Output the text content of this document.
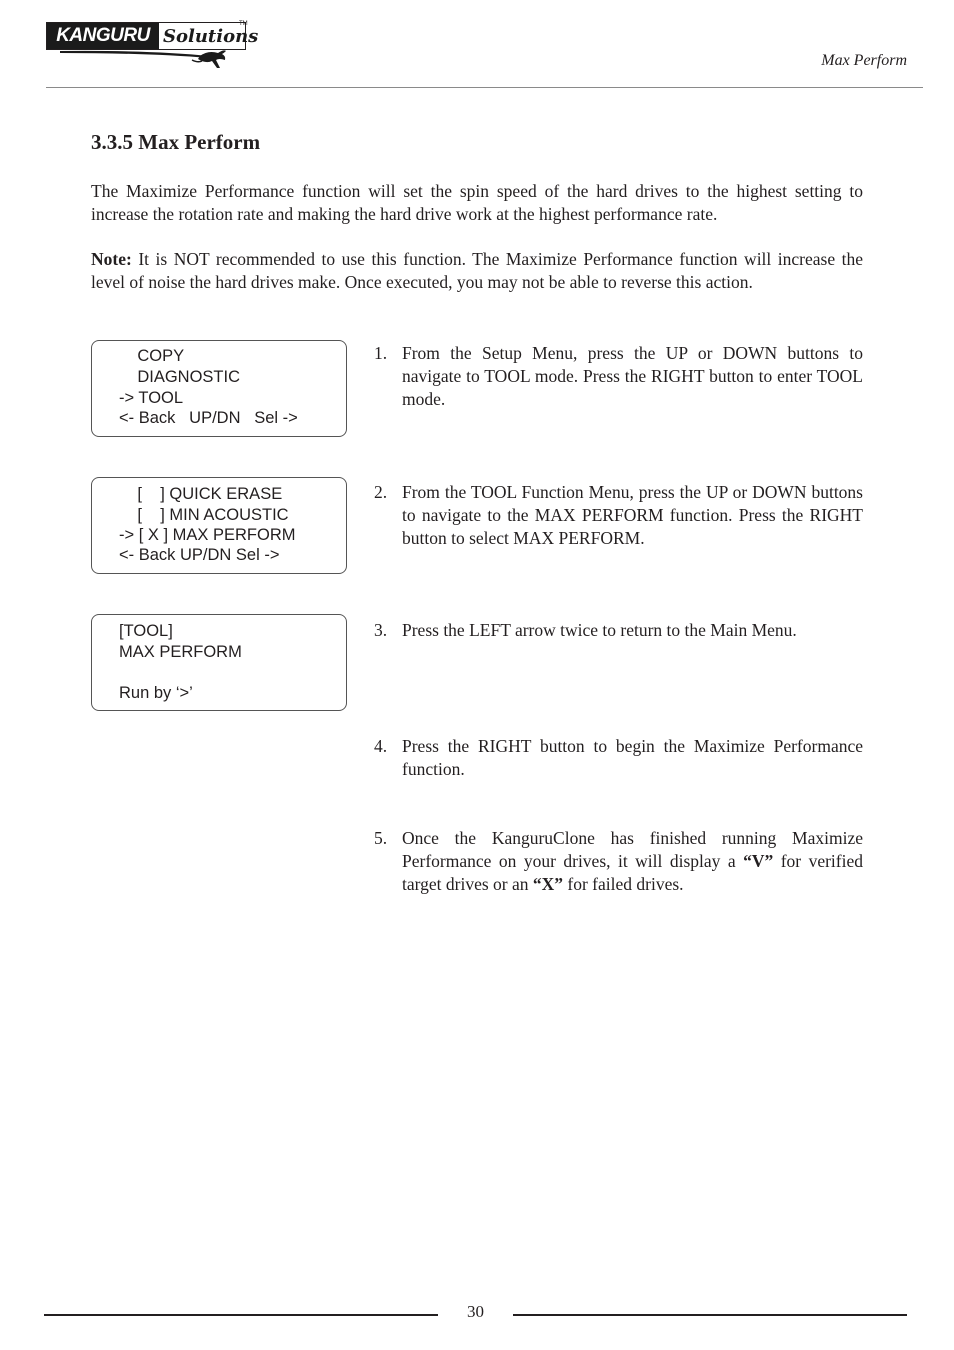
KANGURU Solutions
TM
Max Perform
3.3.5 Max Perform
The Maximize Performance function will set the spin speed of the hard drives to the highest setting to increase the rotation rate and making the hard drive work at the highest performance rate.
Note: It is NOT recommended to use this function. The Maximize Performance function will increase the level of noise the hard drives make. Once executed, you may not be able to reverse this action.
COPY
DIAGNOSTIC
-> TOOL
<- Back   UP/DN   Sel ->
[    ] QUICK ERASE
[    ] MIN ACOUSTIC
-> [ X ] MAX PERFORM
<- Back UP/DN Sel ->
[TOOL]
MAX PERFORM
Run by ‘>’
1. From the Setup Menu, press the UP or DOWN buttons to navigate to TOOL mode. Press the RIGHT button to enter TOOL mode.
2. From the TOOL Function Menu, press the UP or DOWN buttons to navigate to the MAX PERFORM function. Press the RIGHT button to select MAX PERFORM.
3. Press the LEFT arrow twice to return to the Main Menu.
4. Press the RIGHT button to begin the Maximize Performance function.
5. Once the KanguruClone has finished running Maximize Performance on your drives, it will display a “V” for verified target drives or an “X” for failed drives.
30
